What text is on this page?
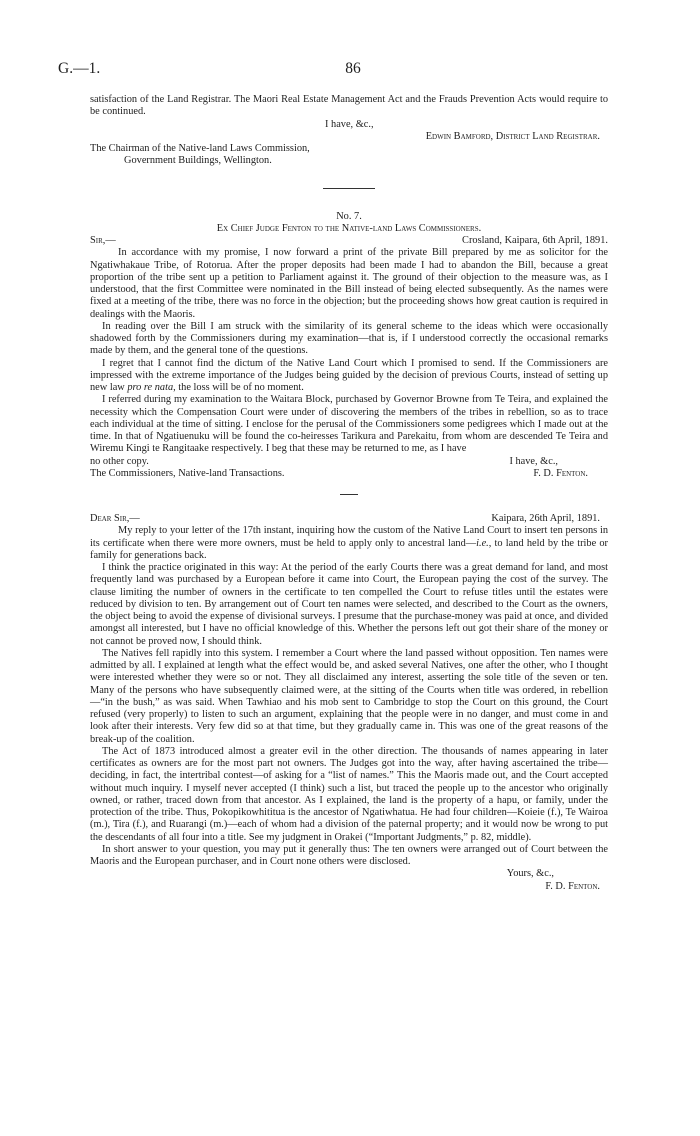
G.—1.	86

satisfaction of the Land Registrar. The Maori Real Estate Management Act and the Frauds Prevention Acts would require to be continued.

I have, &c.,

Edwin Bamford, District Land Registrar.

The Chairman of the Native-land Laws Commission,

Government Buildings, Wellington.

No. 7.

Ex Chief Judge Fenton to the Native-land Laws Commissioners.

Sir,—	Crosland, Kaipara, 6th April, 1891.

In accordance with my promise, I now forward a print of the private Bill prepared by me as solicitor for the Ngatiwhakaue Tribe, of Rotorua. After the proper deposits had been made I had to abandon the Bill, because a great proportion of the tribe sent up a petition to Parliament against it. The ground of their objection to the measure was, as I understood, that the first Committee were nominated in the Bill instead of being elected subsequently. As the names were fixed at a meeting of the tribe, there was no force in the objection; but the proceeding shows how great caution is required in dealings with the Maoris.

In reading over the Bill I am struck with the similarity of its general scheme to the ideas which were occasionally shadowed forth by the Commissioners during my examination—that is, if I understood correctly the occasional remarks made by them, and the general tone of the questions.

I regret that I cannot find the dictum of the Native Land Court which I promised to send. If the Commissioners are impressed with the extreme importance of the Judges being guided by the decision of previous Courts, instead of setting up new law pro re nata, the loss will be of no moment.

I referred during my examination to the Waitara Block, purchased by Governor Browne from Te Teira, and explained the necessity which the Compensation Court were under of discovering the members of the tribes in rebellion, so as to trace each individual at the time of sitting. I enclose for the perusal of the Commissioners some pedigrees which I made out at the time. In that of Ngatiuenuku will be found the co-heiresses Tarikura and Parekaitu, from whom are descended Te Teira and Wiremu Kingi te Rangitaake respectively. I beg that these may be returned to me, as I have

no other copy.	I have, &c.,
The Commissioners, Native-land Transactions.	F. D. Fenton.
Dear Sir,—	Kaipara, 26th April, 1891.

My reply to your letter of the 17th instant, inquiring how the custom of the Native Land Court to insert ten persons in its certificate when there were more owners, must be held to apply only to ancestral land—i.e., to land held by the tribe or family for generations back.

I think the practice originated in this way: At the period of the early Courts there was a great demand for land, and most frequently land was purchased by a European before it came into Court, the European paying the cost of the survey. The clause limiting the number of owners in the certificate to ten compelled the Court to refuse titles until the estates were reduced by division to ten. By arrangement out of Court ten names were selected, and described to the Court as the owners, the object being to avoid the expense of divisional surveys. I presume that the purchase-money was paid at once, and divided amongst all interested, but I have no official knowledge of this. Whether the persons left out got their share of the money or not cannot be proved now, I should think.

The Natives fell rapidly into this system. I remember a Court where the land passed without opposition. Ten names were admitted by all. I explained at length what the effect would be, and asked several Natives, one after the other, who I thought were interested whether they were so or not. They all disclaimed any interest, asserting the sole title of the seven or ten. Many of the persons who have subsequently claimed were, at the sitting of the Courts when title was ordered, in rebellion—“in the bush,” as was said. When Tawhiao and his mob sent to Cambridge to stop the Court on this ground, the Court refused (very properly) to listen to such an argument, explaining that the people were in no danger, and must come in and look after their interests. Very few did so at that time, but they gradually came in. This was one of the great reasons of the break-up of the coalition.

The Act of 1873 introduced almost a greater evil in the other direction. The thousands of names appearing in later certificates as owners are for the most part not owners. The Judges got into the way, after having ascertained the tribe—deciding, in fact, the intertribal contest—of asking for a “list of names.” This the Maoris made out, and the Court accepted without much inquiry. I myself never accepted (I think) such a list, but traced the people up to the ancestor who originally owned, or rather, traced down from that ancestor. As I explained, the land is the property of a hapu, or family, under the protection of the tribe. Thus, Pokopikowhititua is the ancestor of Ngatiwhatua. He had four children—Koieie (f.), Te Wairoa (m.), Tira (f.), and Ruarangi (m.)—each of whom had a division of the paternal property; and it would now be wrong to put the descendants of all four into a title. See my judgment in Orakei (“Important Judgments,” p. 82, middle).

In short answer to your question, you may put it generally thus: The ten owners were arranged out of Court between the Maoris and the European purchaser, and in Court none others were disclosed.

Yours, &c.,

F. D. Fenton.
